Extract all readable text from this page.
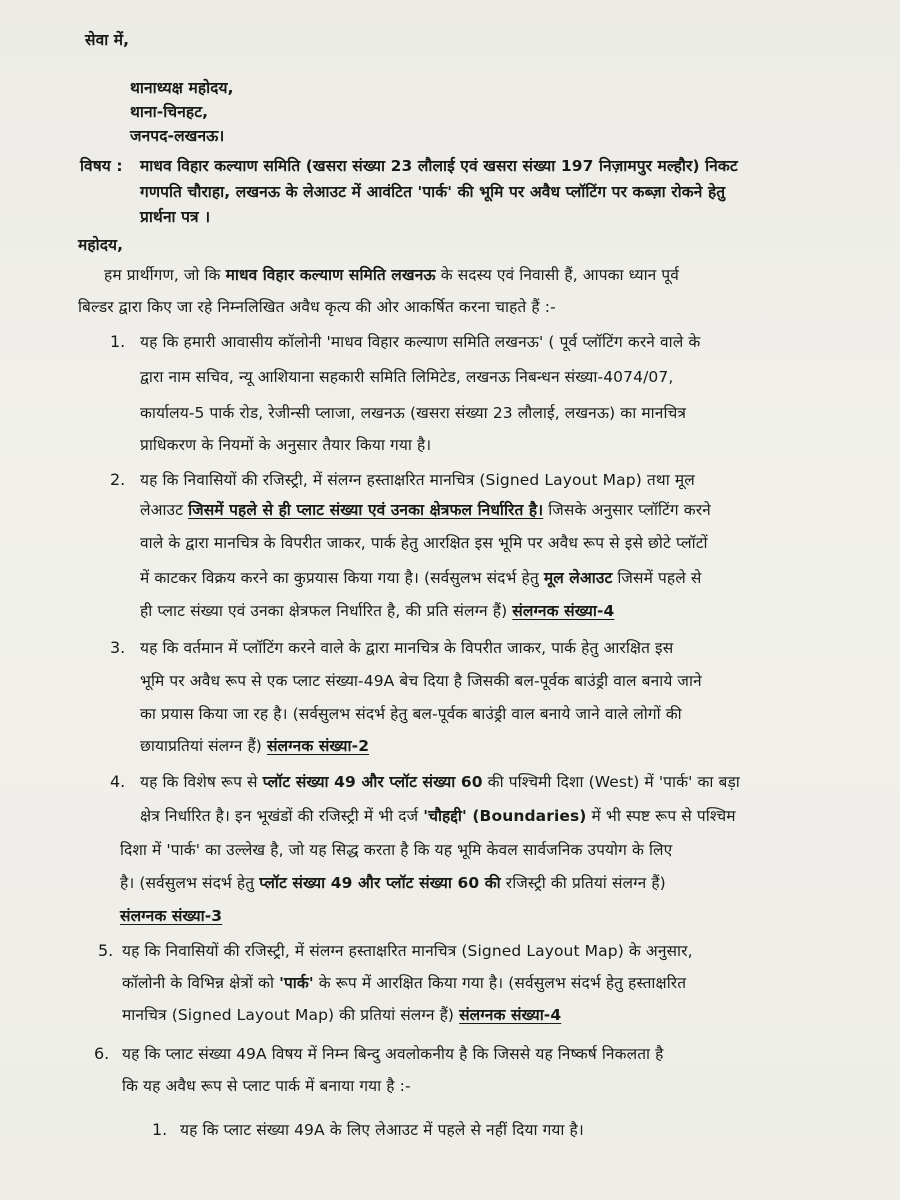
सेवा में,
थानाध्यक्ष महोदय,
थाना-चिनहट,
जनपद-लखनऊ।
विषय : माधव विहार कल्याण समिति (खसरा संख्या 23 लौलाई एवं खसरा संख्या 197 निज़ामपुर मल्हौर) निकट
गणपति चौराहा, लखनऊ के लेआउट में आवंटित 'पार्क' की भूमि पर अवैध प्लॉटिंग पर कब्ज़ा रोकने हेतु
प्रार्थना पत्र ।
महोदय,
हम प्रार्थीगण, जो कि माधव विहार कल्याण समिति लखनऊ के सदस्य एवं निवासी हैं, आपका ध्यान पूर्व
बिल्डर द्वारा किए जा रहे निम्नलिखित अवैध कृत्य की ओर आकर्षित करना चाहते हैं :-
1. यह कि हमारी आवासीय कॉलोनी 'माधव विहार कल्याण समिति लखनऊ' ( पूर्व प्लॉटिंग करने वाले के
द्वारा नाम सचिव, न्यू आशियाना सहकारी समिति लिमिटेड, लखनऊ निबन्धन संख्या-4074/07,
कार्यालय-5 पार्क रोड, रेजीन्सी प्लाजा, लखनऊ (खसरा संख्या 23 लौलाई, लखनऊ) का मानचित्र
प्राधिकरण के नियमों के अनुसार तैयार किया गया है।
2. यह कि निवासियों की रजिस्ट्री, में संलग्न हस्ताक्षरित मानचित्र (Signed Layout Map) तथा मूल
लेआउट जिसमें पहले से ही प्लाट संख्या एवं उनका क्षेत्रफल निर्धारित है। जिसके अनुसार प्लॉटिंग करने
वाले के द्वारा मानचित्र के विपरीत जाकर, पार्क हेतु आरक्षित इस भूमि पर अवैध रूप से इसे छोटे प्लॉटों
में काटकर विक्रय करने का कुप्रयास किया गया है। (सर्वसुलभ संदर्भ हेतु मूल लेआउट जिसमें पहले से
ही प्लाट संख्या एवं उनका क्षेत्रफल निर्धारित है, की प्रति संलग्न हैं) संलग्नक संख्या-4
3. यह कि वर्तमान में प्लॉटिंग करने वाले के द्वारा मानचित्र के विपरीत जाकर, पार्क हेतु आरक्षित इस
भूमि पर अवैध रूप से एक प्लाट संख्या-49A बेच दिया है जिसकी बल-पूर्वक बाउंड्री वाल बनाये जाने
का प्रयास किया जा रह है। (सर्वसुलभ संदर्भ हेतु बल-पूर्वक बाउंड्री वाल बनाये जाने वाले लोगों की
छायाप्रतियां संलग्न हैं) संलग्नक संख्या-2
4. यह कि विशेष रूप से प्लॉट संख्या 49 और प्लॉट संख्या 60 की पश्चिमी दिशा (West) में 'पार्क' का बड़ा
क्षेत्र निर्धारित है। इन भूखंडों की रजिस्ट्री में भी दर्ज 'चौहद्दी' (Boundaries) में भी स्पष्ट रूप से पश्चिम
दिशा में 'पार्क' का उल्लेख है, जो यह सिद्ध करता है कि यह भूमि केवल सार्वजनिक उपयोग के लिए
है। (सर्वसुलभ संदर्भ हेतु प्लॉट संख्या 49 और प्लॉट संख्या 60 की रजिस्ट्री की प्रतियां संलग्न हैं)
संलग्नक संख्या-3
5. यह कि निवासियों की रजिस्ट्री, में संलग्न हस्ताक्षरित मानचित्र (Signed Layout Map) के अनुसार,
कॉलोनी के विभिन्न क्षेत्रों को 'पार्क' के रूप में आरक्षित किया गया है। (सर्वसुलभ संदर्भ हेतु हस्ताक्षरित
मानचित्र (Signed Layout Map) की प्रतियां संलग्न हैं) संलग्नक संख्या-4
6. यह कि प्लाट संख्या 49A विषय में निम्न बिन्दु अवलोकनीय है कि जिससे यह निष्कर्ष निकलता है
कि यह अवैध रूप से प्लाट पार्क में बनाया गया है :-
1. यह कि प्लाट संख्या 49A के लिए लेआउट में पहले से नहीं दिया गया है।
